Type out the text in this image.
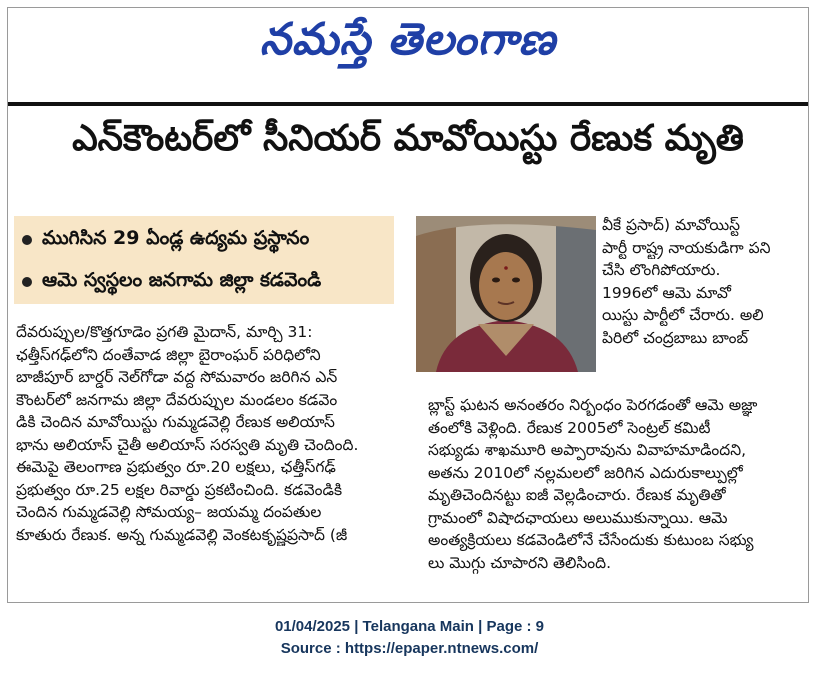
నమస్తే తెలంగాణ
ఎన్‌కౌంటర్‌లో సీనియర్ మావోయిస్టు రేణుక మృతి
ముగిసిన 29 ఏండ్ల ఉద్యమ ప్రస్థానం
ఆమె స్వస్థలం జనగామ జిల్లా కడవెండి
దేవరుప్పుల/కొత్తగూడెం ప్రగతి మైదాన్, మార్చి 31:
ఛత్తీస్‌గఢ్‌లోని దంతేవాడ జిల్లా బైరాంఘర్ పరిధిలోని
బాజీపూర్ బార్డర్ నెల్‌గోడా వద్ద సోమవారం జరిగిన ఎన్
కౌంటర్‌లో జనగామ జిల్లా దేవరుప్పుల మండలం కడవెం
డికి చెందిన మావోయిస్టు గుమ్మడవెల్లి రేణుక అలియాస్
భాను అలియాస్ చైతీ అలియాస్ సరస్వతి మృతి చెందింది.
ఈమెపై తెలంగాణ ప్రభుత్వం రూ.20 లక్షలు, ఛత్తీస్‌గఢ్
ప్రభుత్వం రూ.25 లక్షల రివార్డు ప్రకటించింది. కడవెండికి
చెందిన గుమ్మడవెల్లి సోమయ్య– జయమ్మ దంపతుల
కూతురు రేణుక. అన్న గుమ్మడవెల్లి వెంకటకృష్ణప్రసాద్ (జీ
వీకే ప్రసాద్) మావోయిస్ట్
పార్టీ రాష్ట్ర నాయకుడిగా పని
చేసి లొంగిపోయారు.
1996లో ఆమె మావో
యిస్టు పార్టీలో చేరారు. అలి
పిరిలో చంద్రబాబు బాంబ్
బ్లాస్ట్ ఘటన అనంతరం నిర్బంధం పెరగడంతో ఆమె అజ్ఞా
తంలోకి వెళ్లింది. రేణుక 2005లో సెంట్రల్ కమిటీ
సభ్యుడు శాఖమూరి అప్పారావును వివాహమాడిందని,
అతను 2010లో నల్లమలలో జరిగిన ఎదురుకాల్పుల్లో
మృతిచెందినట్టు ఐజీ వెల్లడించారు. రేణుక మృతితో
గ్రామంలో విషాదఛాయలు అలుముకున్నాయి. ఆమె
అంత్యక్రియలు కడవెండిలోనే చేసేందుకు కుటుంబ సభ్యు
లు మొగ్గు చూపారని తెలిసింది.
01/04/2025 | Telangana Main | Page : 9
Source : https://epaper.ntnews.com/
